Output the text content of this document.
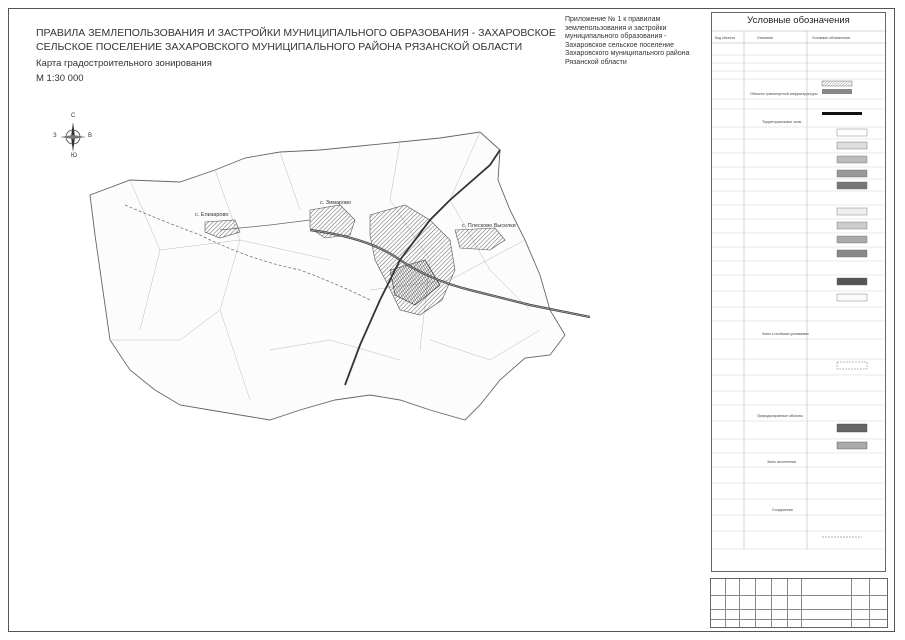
ПРАВИЛА ЗЕМЛЕПОЛЬЗОВАНИЯ И ЗАСТРОЙКИ МУНИЦИПАЛЬНОГО ОБРАЗОВАНИЯ - ЗАХАРОВСКОЕ СЕЛЬСКОЕ ПОСЕЛЕНИЕ ЗАХАРОВСКОГО МУНИЦИПАЛЬНОГО РАЙОНА РЯЗАНСКОЙ ОБЛАСТИ
Карта градостроительного зонирования
М 1:30 000
Приложение № 1 к правилам землепользования и застройки муниципального образования - Захаровское сельское поселение Захаровского муниципального района Рязанской области
С
Ю
З	В
с. Елизарово
с. Зимарово
с. Плесково Выселки
Условные обозначения
Код объекта	Описание	Условные обозначения
Объекты транспортной инфраструктуры
Территориальные зоны
Зоны с особыми условиями
Природоохранные объекты
Зоны затопления
Сооружения
